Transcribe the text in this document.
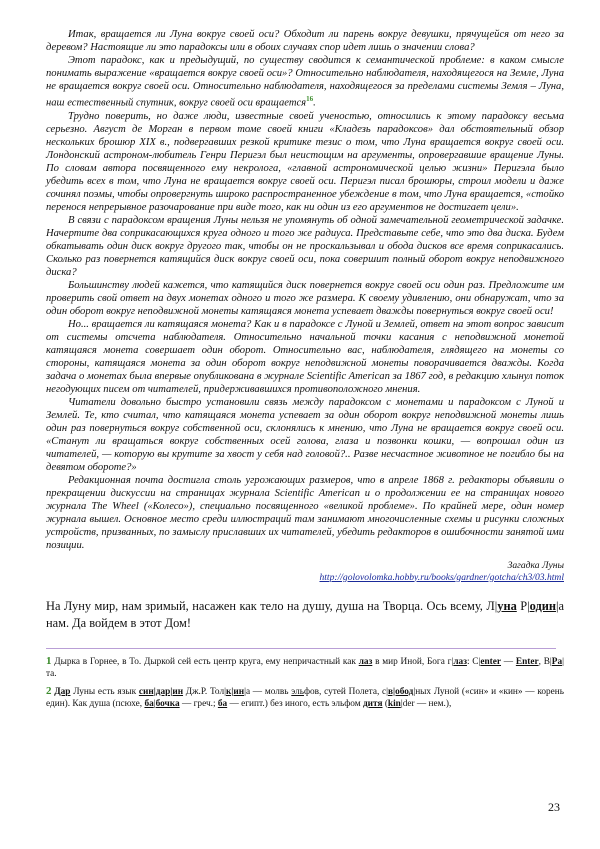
Итак, вращается ли Луна вокруг своей оси? Обходит ли парень вокруг девушки, прячущейся от него за деревом? Настоящие ли это парадоксы или в обоих случаях спор идет лишь о значении слова?

Этот парадокс, как и предыдущий, по существу сводится к семантической проблеме: в каком смысле понимать выражение «вращается вокруг своей оси»? Относительно наблюдателя, находящегося на Земле, Луна не вращается вокруг своей оси. Относительно наблюдателя, находящегося за пределами системы Земля – Луна, наш естественный спутник, вокруг своей оси вращается$^{16}$.

Трудно поверить, но даже люди, известные своей ученостью, относились к этому парадоксу весьма серьезно. Август де Морган в первом томе своей книги «Кладезь парадоксов» дал обстоятельный обзор нескольких брошюр XIX в., подвергавших резкой критике тезис о том, что Луна вращается вокруг своей оси. Лондонский астроном-любитель Генри Перигэл был неистощим на аргументы, опровергавшие вращение Луны. По словам автора посвященного ему некролога, «главной астрономической целью жизни» Перигэла было убедить всех в том, что Луна не вращается вокруг своей оси. Перигэл писал брошюры, строил модели и даже сочинял поэмы, чтобы опровергнуть широко распространенное убеждение в том, что Луна вращается, «стойко перенося непрерывное разочарование при виде того, как ни один из его аргументов не достигает цели».

В связи с парадоксом вращения Луны нельзя не упомянуть об одной замечательной геометрической задачке. Начертите два соприкасающихся круга одного и того же радиуса. Представьте себе, что это два диска. Будем обкатывать один диск вокруг другого так, чтобы он не проскальзывал и обода дисков все время соприкасались. Сколько раз повернется катящийся диск вокруг своей оси, пока совершит полный оборот вокруг неподвижного диска?

Большинству людей кажется, что катящийся диск повернется вокруг своей оси один раз. Предложите им проверить свой ответ на двух монетах одного и того же размера. К своему удивлению, они обнаружат, что за один оборот вокруг неподвижной монеты катящаяся монета успевает дважды повернуться вокруг своей оси!

Но... вращается ли катящаяся монета? Как и в парадоксе с Луной и Землей, ответ на этот вопрос зависит от системы отсчета наблюдателя. Относительно начальной точки касания с неподвижной монетой катящаяся монета совершает один оборот. Относительно вас, наблюдателя, глядящего на монеты со стороны, катящаяся монета за один оборот вокруг неподвижной монеты поворачивается дважды. Когда задача о монетах была впервые опубликована в журнале Scientific American за 1867 год, в редакцию хлынул поток негодующих писем от читателей, придерживавшихся противоположного мнения.

Читатели довольно быстро установили связь между парадоксом с монетами и парадоксом с Луной и Землей. Те, кто считал, что катящаяся монета успевает за один оборот вокруг неподвижной монеты лишь один раз повернуться вокруг собственной оси, склонялись к мнению, что Луна не вращается вокруг своей оси. «Станут ли вращаться вокруг собственных осей голова, глаза и позвонки кошки, — вопрошал один из читателей, — которую вы крутите за хвост у себя над головой?.. Разве несчастное животное не погибло бы на девятом обороте?»

Редакционная почта достигла столь угрожающих размеров, что в апреле 1868 г. редакторы объявили о прекращении дискуссии на страницах журнала Scientific American и о продолжении ее на страницах нового журнала The Wheel («Колесо»), специально посвященного «великой проблеме». По крайней мере, один номер журнала вышел. Основное место среди иллюстраций там занимают многочисленные схемы и рисунки сложных устройств, призванных, по замыслу приславших их читателей, убедить редакторов в ошибочности занятой ими позиции.

Загадка Луны
http://golovolomka.hobby.ru/books/gardner/gotcha/ch3/03.html
На Луну мир, нам зримый, насажен как тело на душу, душа на Творца. Ось всему, Л|уна Р|один|а нам. Да войдем в этот Дом!

1 Дырка в Горнее, в То. Дыркой сей есть центр круга, ему непричастный как лаз в мир Иной, Бога г|лаз: С|enter — Enter, В|Ра|та.

2 Дар Луны есть язык син|дар|ин Дж.Р. Тол|к|ин|а — молвь эльфов, сутей Полета, с|в|обод|ных Луной («син» и «кин» — корень един). Как душа (псюхе, ба|бочка — греч.; ба — египт.) без иного, есть эльфом дитя (kin|der — нем.),

23
